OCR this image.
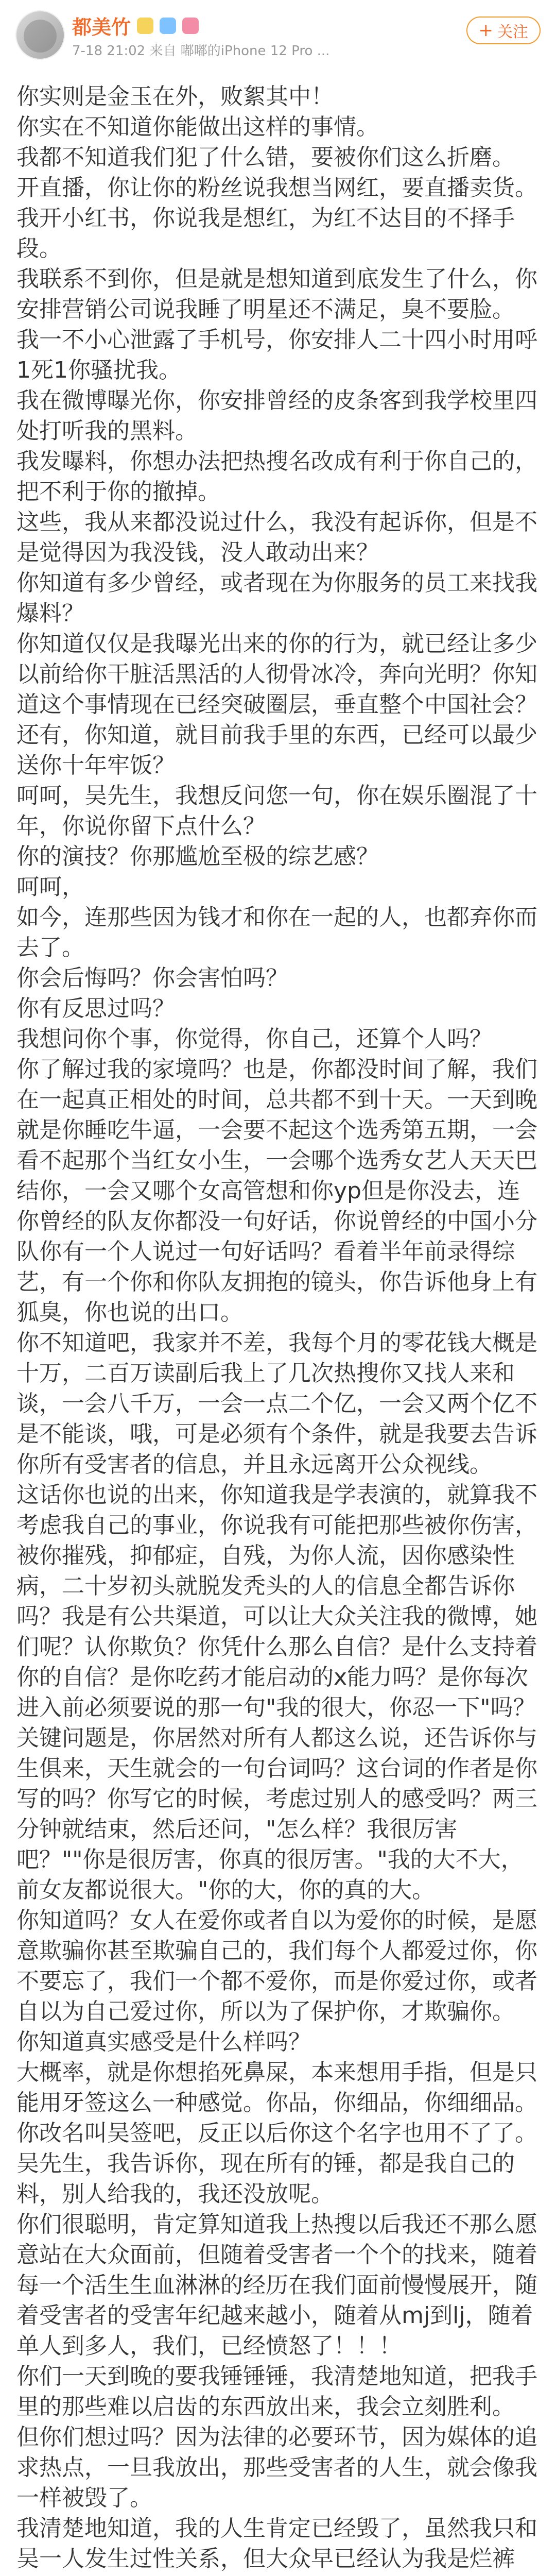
都美竹
7-18 21:02 来自 嘟嘟的iPhone 12 Pro ...
+ 关注

你实则是金玉在外，败絮其中！

你实在不知道你能做出这样的事情。

我都不知道我们犯了什么错，要被你们这么折磨。

开直播，你让你的粉丝说我想当网红，要直播卖货。

我开小红书，你说我是想红，为红不达目的不择手段。

我联系不到你，但是就是想知道到底发生了什么，你安排营销公司说我睡了明星还不满足，臭不要脸。

我一不小心泄露了手机号，你安排人二十四小时用呼1死1你骚扰我。

我在微博曝光你，你安排曾经的皮条客到我学校里四处打听我的黑料。

我发曝料，你想办法把热搜名改成有利于你自己的，把不利于你的撤掉。

这些，我从来都没说过什么，我没有起诉你，但是不是觉得因为我没钱，没人敢动出来？

你知道有多少曾经，或者现在为你服务的员工来找我爆料？

你知道仅仅是我曝光出来的你的行为，就已经让多少以前给你干脏活黑活的人彻骨冰冷，奔向光明？你知道这个事情现在已经突破圈层，垂直整个中国社会？

还有，你知道，就目前我手里的东西，已经可以最少送你十年牢饭？

呵呵，吴先生，我想反问您一句，你在娱乐圈混了十年，你说你留下点什么？

你的演技？你那尴尬至极的综艺感？

呵呵，

如今，连那些因为钱才和你在一起的人，也都弃你而去了。

你会后悔吗？你会害怕吗？

你有反思过吗？

我想问你个事，你觉得，你自己，还算个人吗？

你了解过我的家境吗？也是，你都没时间了解，我们在一起真正相处的时间，总共都不到十天。一天到晚就是你睡吃牛逼，一会要不起这个选秀第五期，一会看不起那个当红女小生，一会哪个选秀女艺人天天巴结你，一会又哪个女高管想和你yp但是你没去，连你曾经的队友你都没一句好话，你说曾经的中国小分队你有一个人说过一句好话吗？看着半年前录得综艺，有一个你和你队友拥抱的镜头，你告诉他身上有狐臭，你也说的出口。

你不知道吧，我家并不差，我每个月的零花钱大概是十万，二百万读副后我上了几次热搜你又找人来和谈，一会八千万，一会一点二个亿，一会又两个亿不是不能谈，哦，可是必须有个条件，就是我要去告诉你所有受害者的信息，并且永远离开公众视线。

这话你也说的出来，你知道我是学表演的，就算我不考虑我自己的事业，你说我有可能把那些被你伤害，被你摧残，抑郁症，自残，为你人流，因你感染性病，二十岁初头就脱发秃头的人的信息全都告诉你吗？我是有公共渠道，可以让大众关注我的微博，她们呢？认你欺负？你凭什么那么自信？是什么支持着你的自信？是你吃药才能启动的x能力吗？是你每次进入前必须要说的那一句"我的很大，你忍一下"吗？关键问题是，你居然对所有人都这么说，还告诉你与生俱来，天生就会的一句台词吗？这台词的作者是你写的吗？你写它的时候，考虑过别人的感受吗？两三分钟就结束，然后还问，"怎么样？我很厉害吧？""你是很厉害，你真的很厉害。"我的大不大，前女友都说很大。"你的大，你的真的大。

你知道吗？女人在爱你或者自以为爱你的时候，是愿意欺骗你甚至欺骗自己的，我们每个人都爱过你，你不要忘了，我们一个都不爱你，而是你爱过你，或者自以为自己爱过你，所以为了保护你，才欺骗你。

你知道真实感受是什么样吗？

大概率，就是你想掐死鼻屎，本来想用手指，但是只能用牙签这么一种感觉。你品，你细品，你细细品。

你改名叫吴签吧，反正以后你这个名字也用不了了。

吴先生，我告诉你，现在所有的锤，都是我自己的料，别人给我的，我还没放呢。

你们很聪明，肯定算知道我上热搜以后我还不那么愿意站在大众面前，但随着受害者一个个的找来，随着每一个活生生血淋淋的经历在我们面前慢慢展开，随着受害者的受害年纪越来越小，随着从mj到lj，随着单人到多人，我们，已经愤怒了！！！

你们一天到晚的要我锤锤锤，我清楚地知道，把我手里的那些难以启齿的东西放出来，我会立刻胜利。

但你们想过吗？因为法律的必要环节，因为媒体的追求热点，一旦我放出，那些受害者的人生，就会像我一样被毁了。

我清楚地知道，我的人生肯定已经毁了，虽然我只和吴一人发生过性关系，但大众早已经认为我是烂裤
